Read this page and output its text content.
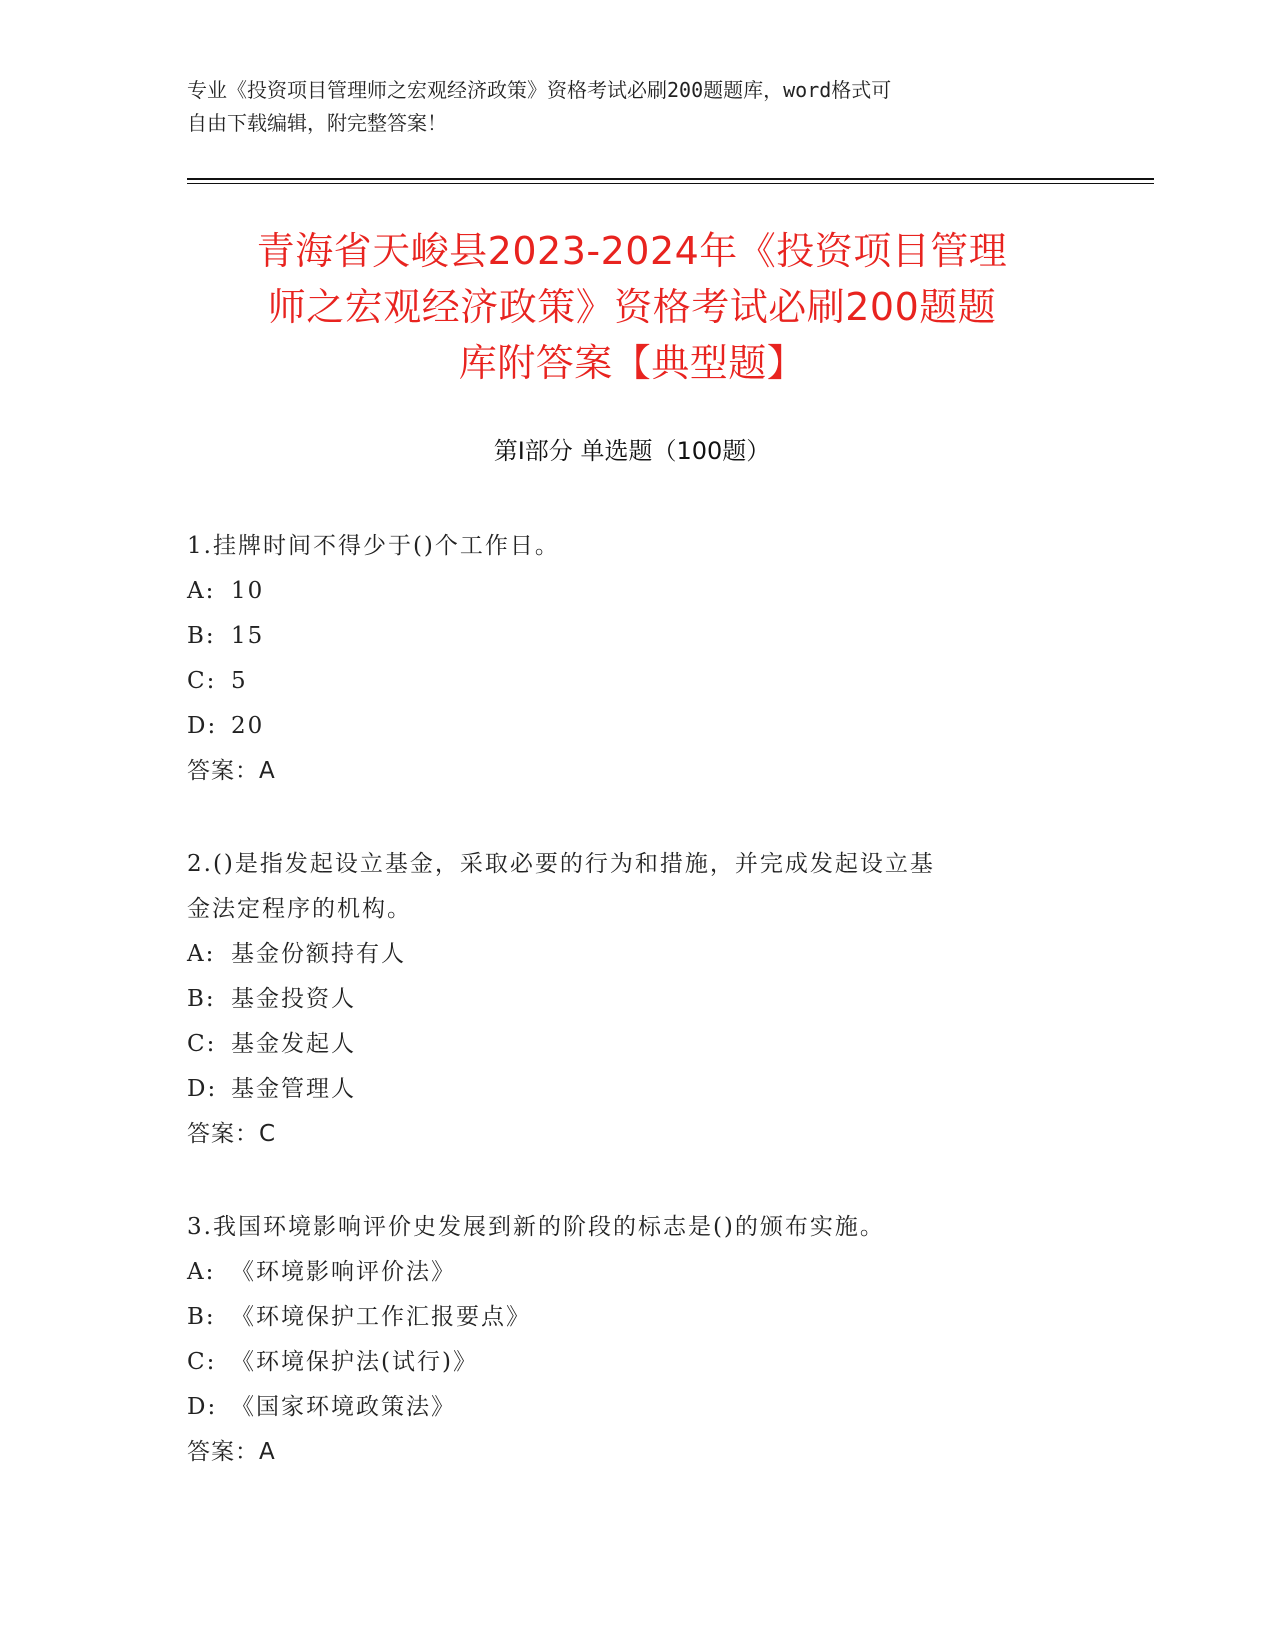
专业《投资项目管理师之宏观经济政策》资格考试必刷200题题库，word格式可
自由下载编辑，附完整答案！
青海省天峻县2023-2024年《投资项目管理
师之宏观经济政策》资格考试必刷200题题
库附答案【典型题】
第I部分 单选题（100题）

1.挂牌时间不得少于()个工作日。

A: 10

B: 15

C: 5

D: 20

答案：A

2.()是指发起设立基金，采取必要的行为和措施，并完成发起设立基

金法定程序的机构。

A: 基金份额持有人

B: 基金投资人

C: 基金发起人

D: 基金管理人

答案：C

3.我国环境影响评价史发展到新的阶段的标志是()的颁布实施。

A: 《环境影响评价法》

B: 《环境保护工作汇报要点》

C: 《环境保护法(试行)》

D: 《国家环境政策法》

答案：A
